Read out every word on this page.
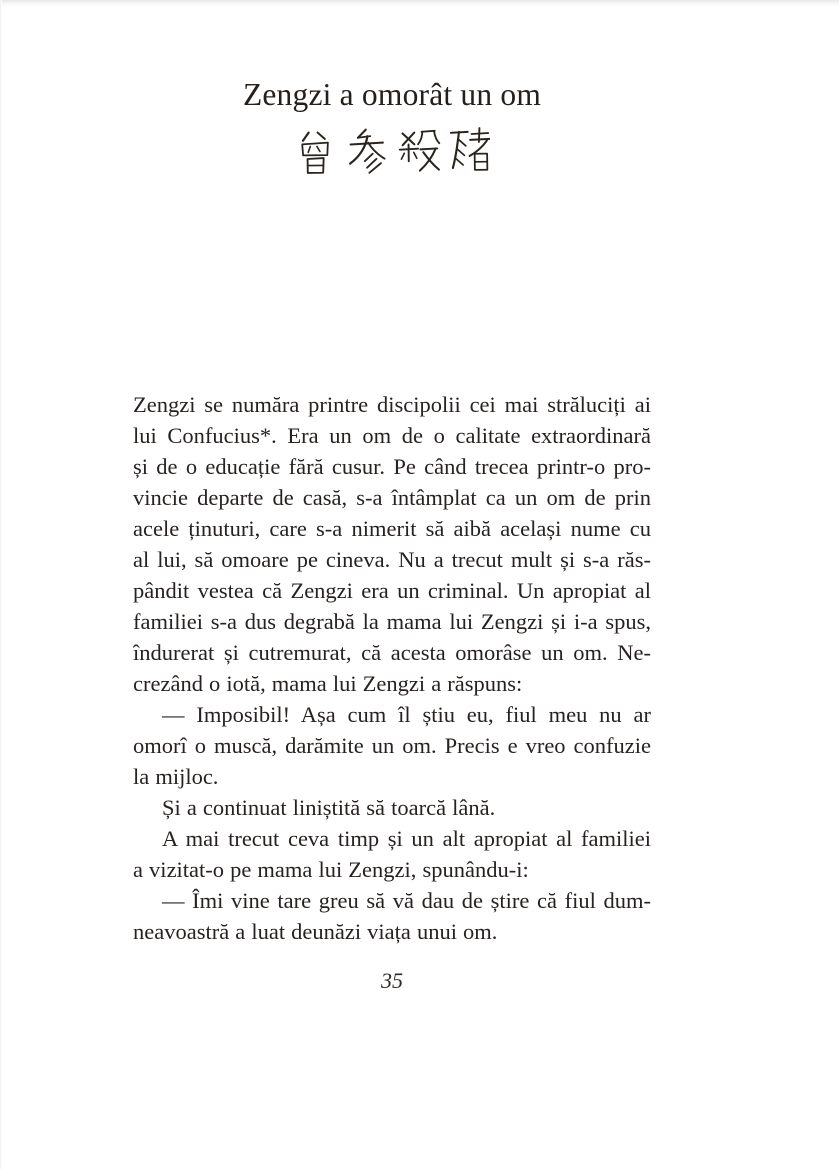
Zengzi a omorât un om
Zengzi se număra printre discipolii cei mai străluciți ai
lui Confucius*. Era un om de o calitate extraordinară
și de o educație fără cusur. Pe când trecea printr-o pro-
vincie departe de casă, s-a întâmplat ca un om de prin
acele ținuturi, care s-a nimerit să aibă același nume cu
al lui, să omoare pe cineva. Nu a trecut mult și s-a răs-
pândit vestea că Zengzi era un criminal. Un apropiat al
familiei s-a dus degrabă la mama lui Zengzi și i-a spus,
îndurerat și cutremurat, că acesta omorâse un om. Ne-
crezând o iotă, mama lui Zengzi a răspuns:
— Imposibil! Așa cum îl știu eu, fiul meu nu ar
omorî o muscă, darămite un om. Precis e vreo confuzie
la mijloc.
Și a continuat liniștită să toarcă lână.
A mai trecut ceva timp și un alt apropiat al familiei
a vizitat-o pe mama lui Zengzi, spunându-i:
— Îmi vine tare greu să vă dau de știre că fiul dum-
neavoastră a luat deunăzi viața unui om.
35
